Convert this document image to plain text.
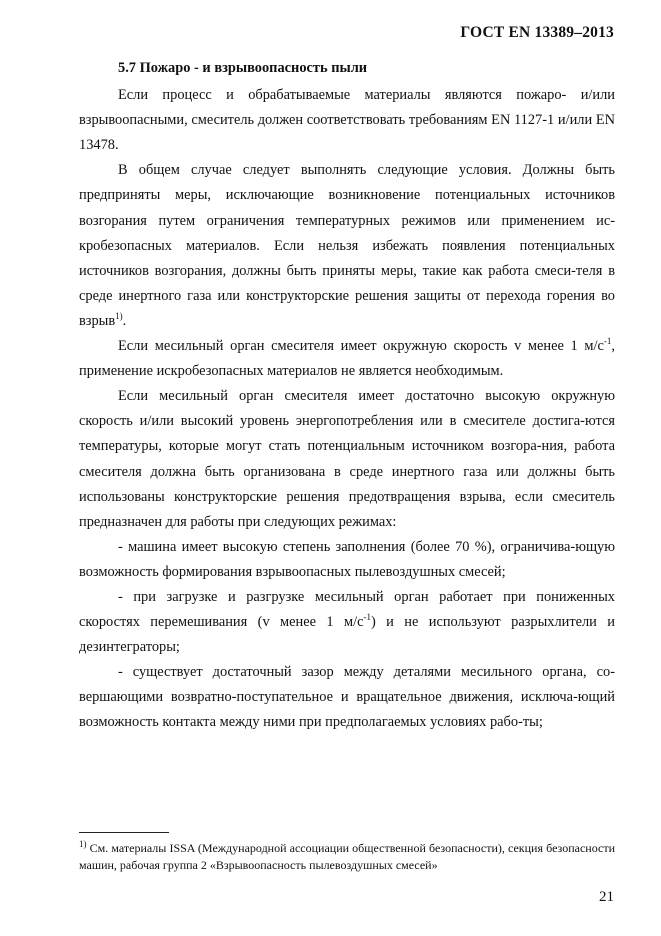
ГОСТ EN 13389–2013
5.7 Пожаро - и взрывоопасность пыли

Если процесс и обрабатываемые материалы являются пожаро- и/или взрывоопасными, смеситель должен соответствовать требованиям EN 1127-1 и/или EN 13478.

В общем случае следует выполнять следующие условия. Должны быть предприняты меры, исключающие возникновение потенциальных источников возгорания путем ограничения температурных режимов или применением ис-кробезопасных материалов. Если нельзя избежать появления потенциальных источников возгорания, должны быть приняты меры, такие как работа смеси-теля в среде инертного газа или конструкторские решения защиты от перехода горения во взрыв$^{1)}$.

Если месильный орган смесителя имеет окружную скорость v менее 1 $м/с^{-1}$, применение искробезопасных материалов не является необходимым.

Если месильный орган смесителя имеет достаточно высокую окружную скорость и/или высокий уровень энергопотребления или в смесителе достига-ются температуры, которые могут стать потенциальным источником возгора-ния, работа смесителя должна быть организована в среде инертного газа или должны быть использованы конструкторские решения предотвращения взрыва, если смеситель предназначен для работы при следующих режимах:

- машина имеет высокую степень заполнения (более 70 %), ограничива-ющую возможность формирования взрывоопасных пылевоздушных смесей;

- при загрузке и разгрузке месильный орган работает при пониженных скоростях перемешивания (v менее 1 $м/с^{-1}$) и не используют разрыхлители и дезинтеграторы;

- существует достаточный зазор между деталями месильного органа, со-вершающими возвратно-поступательное и вращательное движения, исключа-ющий возможность контакта между ними при предполагаемых условиях рабо-ты;

$^{1)}$ См. материалы ISSA (Международной ассоциации общественной безопасности), секция безопасности машин, рабочая группа 2 «Взрывоопасность пылевоздушных смесей»
21
